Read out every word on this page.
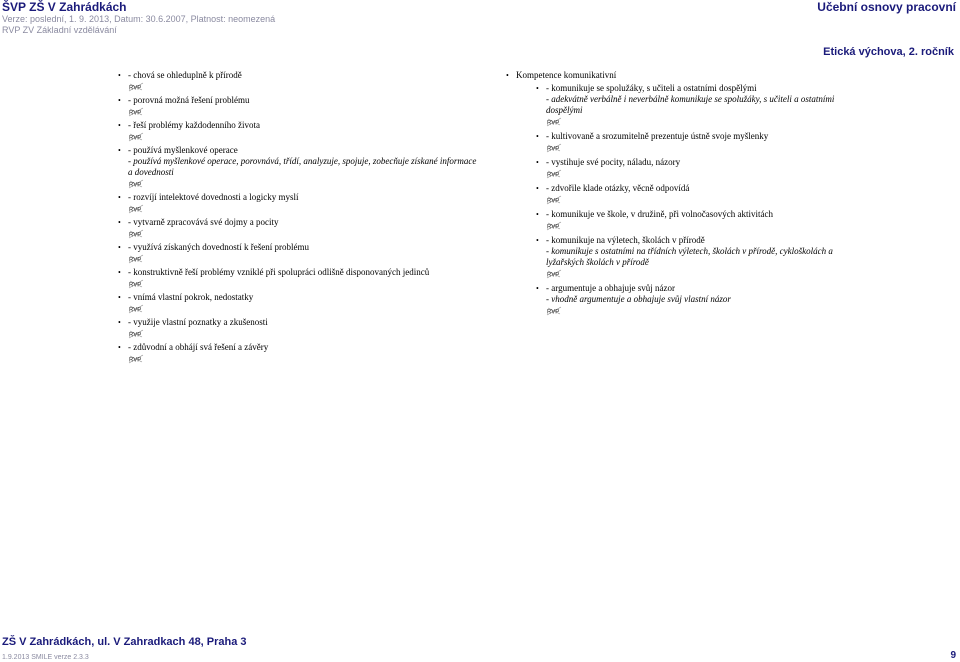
ŠVP ZŠ V Zahrádkách
Verze: poslední, 1. 9. 2013, Datum: 30.6.2007, Platnost: neomezená
RVP ZV Základní vzdělávání
Učební osnovy pracovní
Etická výchova, 2. ročník
• - chová se ohleduplně k přírodě
RVP
• - porovná možná řešení problému
RVP
• - řeší problémy každodenního života
RVP
• - používá myšlenkové operace
- používá myšlenkové operace, porovnává, třídí, analyzuje, spojuje, zobecňuje získané informace a dovednosti
RVP
• - rozvíjí intelektové dovednosti a logicky myslí
RVP
• - vytvarně zpracovává své dojmy a pocity
RVP
• - využívá získaných dovedností k řešení problému
RVP
• - konstruktivně řeší problémy vzniklé při spolupráci odlišně disponovaných jedinců
RVP
• - vnímá vlastní pokrok, nedostatky
RVP
• - využije vlastní poznatky a zkušenosti
RVP
• - zdůvodní a obhájí svá řešení a závěry
RVP
• Kompetence komunikativní
• - komunikuje se spolužáky, s učiteli a ostatními dospělými
- adekvátně verbálně i neverbálně komunikuje se spolužáky, s učiteli a ostatními dospělými
RVP
• - kultivovaně a srozumitelně prezentuje ústně svoje myšlenky
RVP
• - vystihuje své pocity, náladu, názory
RVP
• - zdvořile klade otázky, věcně odpovídá
RVP
• - komunikuje ve škole, v družině, při volnočasových aktivitách
RVP
• - komunikuje na výletech, školách v přírodě
- komunikuje s ostatními na třídních výletech, školách v přírodě, cykloškolách a lyžařských školách v přírodě
RVP
• - argumentuje a obhajuje svůj názor
- vhodně argumentuje a obhajuje svůj vlastní názor
RVP
ZŠ V Zahrádkách, ul. V Zahradkach 48, Praha 3
1.9.2013 SMILE verze 2.3.3	9
